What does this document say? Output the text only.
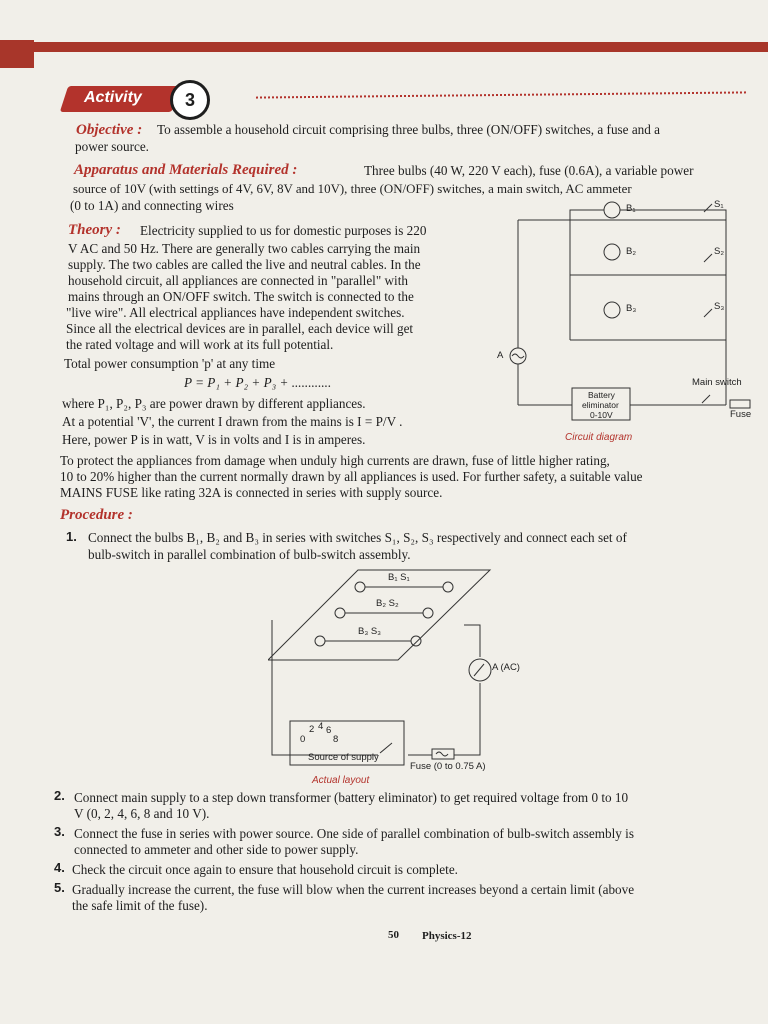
Activity	3
Objective : To assemble a household circuit comprising three bulbs, three (ON/OFF) switches, a fuse and a
power source.
Apparatus and Materials Required :	Three bulbs (40 W, 220 V each), fuse (0.6A), a variable power
source of 10V (with settings of 4V, 6V, 8V and 10V), three (ON/OFF) switches, a main switch, AC ammeter
(0 to 1A) and connecting wires
Theory : Electricity supplied to us for domestic purposes is 220
V AC and 50 Hz. There are generally two cables carrying the main
supply. The two cables are called the live and neutral cables. In the
household circuit, all appliances are connected in "parallel" with
mains through an ON/OFF switch. The switch is connected to the
"live wire". All electrical appliances have independent switches.
Since all the electrical devices are in parallel, each device will get
the rated voltage and will work at its full potential.
Total power consumption 'p' at any time
P = P₁ + P₂ + P₃ + ............
where P₁, P₂, P₃ are power drawn by different appliances.
At a potential 'V', the current I drawn from the mains is I = P/V .
Here, power P is in watt, V is in volts and I is in amperes.
To protect the appliances from damage when unduly high currents are drawn, fuse of little higher rating,
10 to 20% higher than the current normally drawn by all appliances is used. For further safety, a suitable value
MAINS FUSE like rating 32A is connected in series with supply source.
B₁
B₂
B₃
S₁
S₂
S₃
A
Main switch
Battery
eliminator
0-10V	Fuse
Circuit diagram
Procedure :
1. Connect the bulbs B₁, B₂ and B₃ in series with switches S₁, S₂, S₃ respectively and connect each set of
bulb-switch in parallel combination of bulb-switch assembly.
B₁ S₁
B₂ S₂
B₃ S₃
A (AC)
0
2 4 6
8
Source of supply
Fuse (0 to 0.75 A)
Actual layout
2. Connect main supply to a step down transformer (battery eliminator) to get required voltage from 0 to 10
V (0, 2, 4, 6, 8 and 10 V).
3. Connect the fuse in series with power source. One side of parallel combination of bulb-switch assembly is
connected to ammeter and other side to power supply.
4. Check the circuit once again to ensure that household circuit is complete.
5. Gradually increase the current, the fuse will blow when the current increases beyond a certain limit (above
the safe limit of the fuse).
50 Physics-12
